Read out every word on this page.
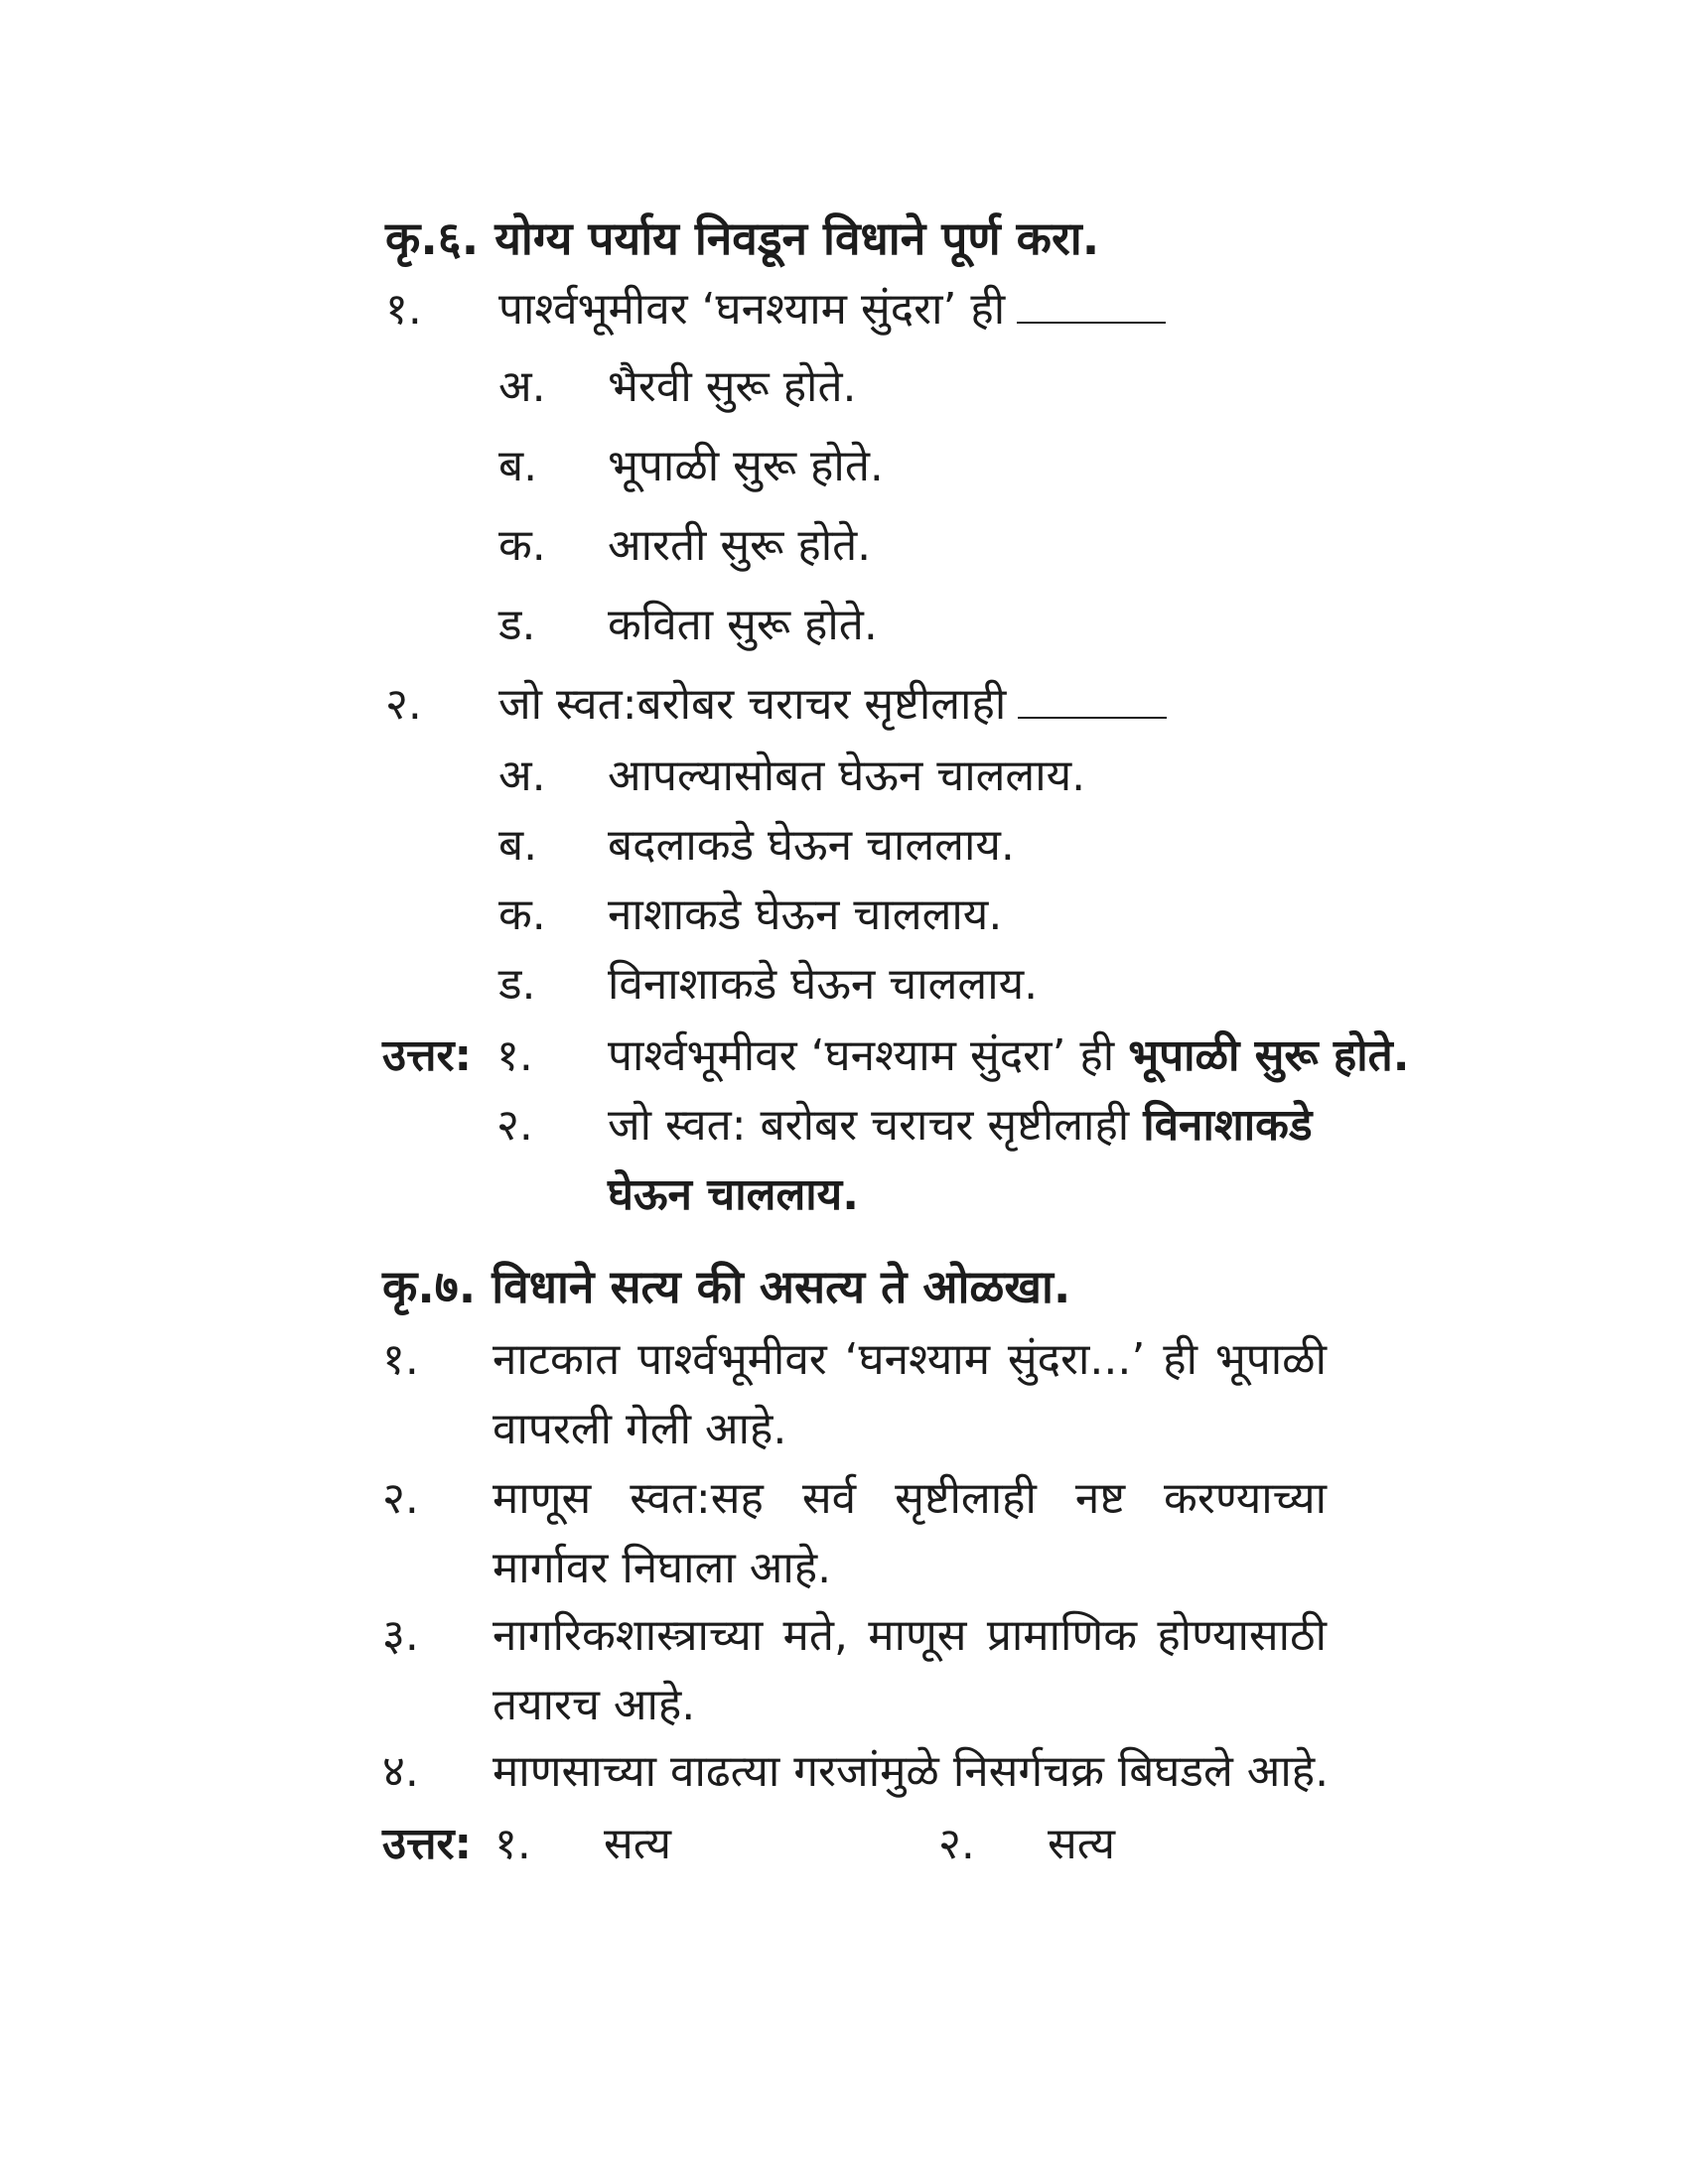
कृ.६. योग्य पर्याय निवडून विधाने पूर्ण करा.
१. पार्श्वभूमीवर ‘घनश्याम सुंदरा’ ही
अ. भैरवी सुरू होते.
ब. भूपाळी सुरू होते.
क. आरती सुरू होते.
ड. कविता सुरू होते.
२. जो स्वत:बरोबर चराचर सृष्टीलाही
अ. आपल्यासोबत घेऊन चाललाय.
ब. बदलाकडे घेऊन चाललाय.
क. नाशाकडे घेऊन चाललाय.
ड. विनाशाकडे घेऊन चाललाय.
उत्तर: १. पार्श्वभूमीवर ‘घनश्याम सुंदरा’ ही भूपाळी सुरू होते.
२. जो स्वत: बरोबर चराचर सृष्टीलाही विनाशाकडे
घेऊन चाललाय.
कृ.७. विधाने सत्य की असत्य ते ओळखा.
१. नाटकात पार्श्वभूमीवर ‘घनश्याम सुंदरा...’ ही भूपाळी वापरली गेली आहे.
२. माणूस स्वत:सह सर्व सृष्टीलाही नष्ट करण्याच्या मार्गावर निघाला आहे.
३. नागरिकशास्त्राच्या मते, माणूस प्रामाणिक होण्यासाठी तयारच आहे.
४. माणसाच्या वाढत्या गरजांमुळे निसर्गचक्र बिघडले आहे.
उत्तर: १. सत्य	२. सत्य
